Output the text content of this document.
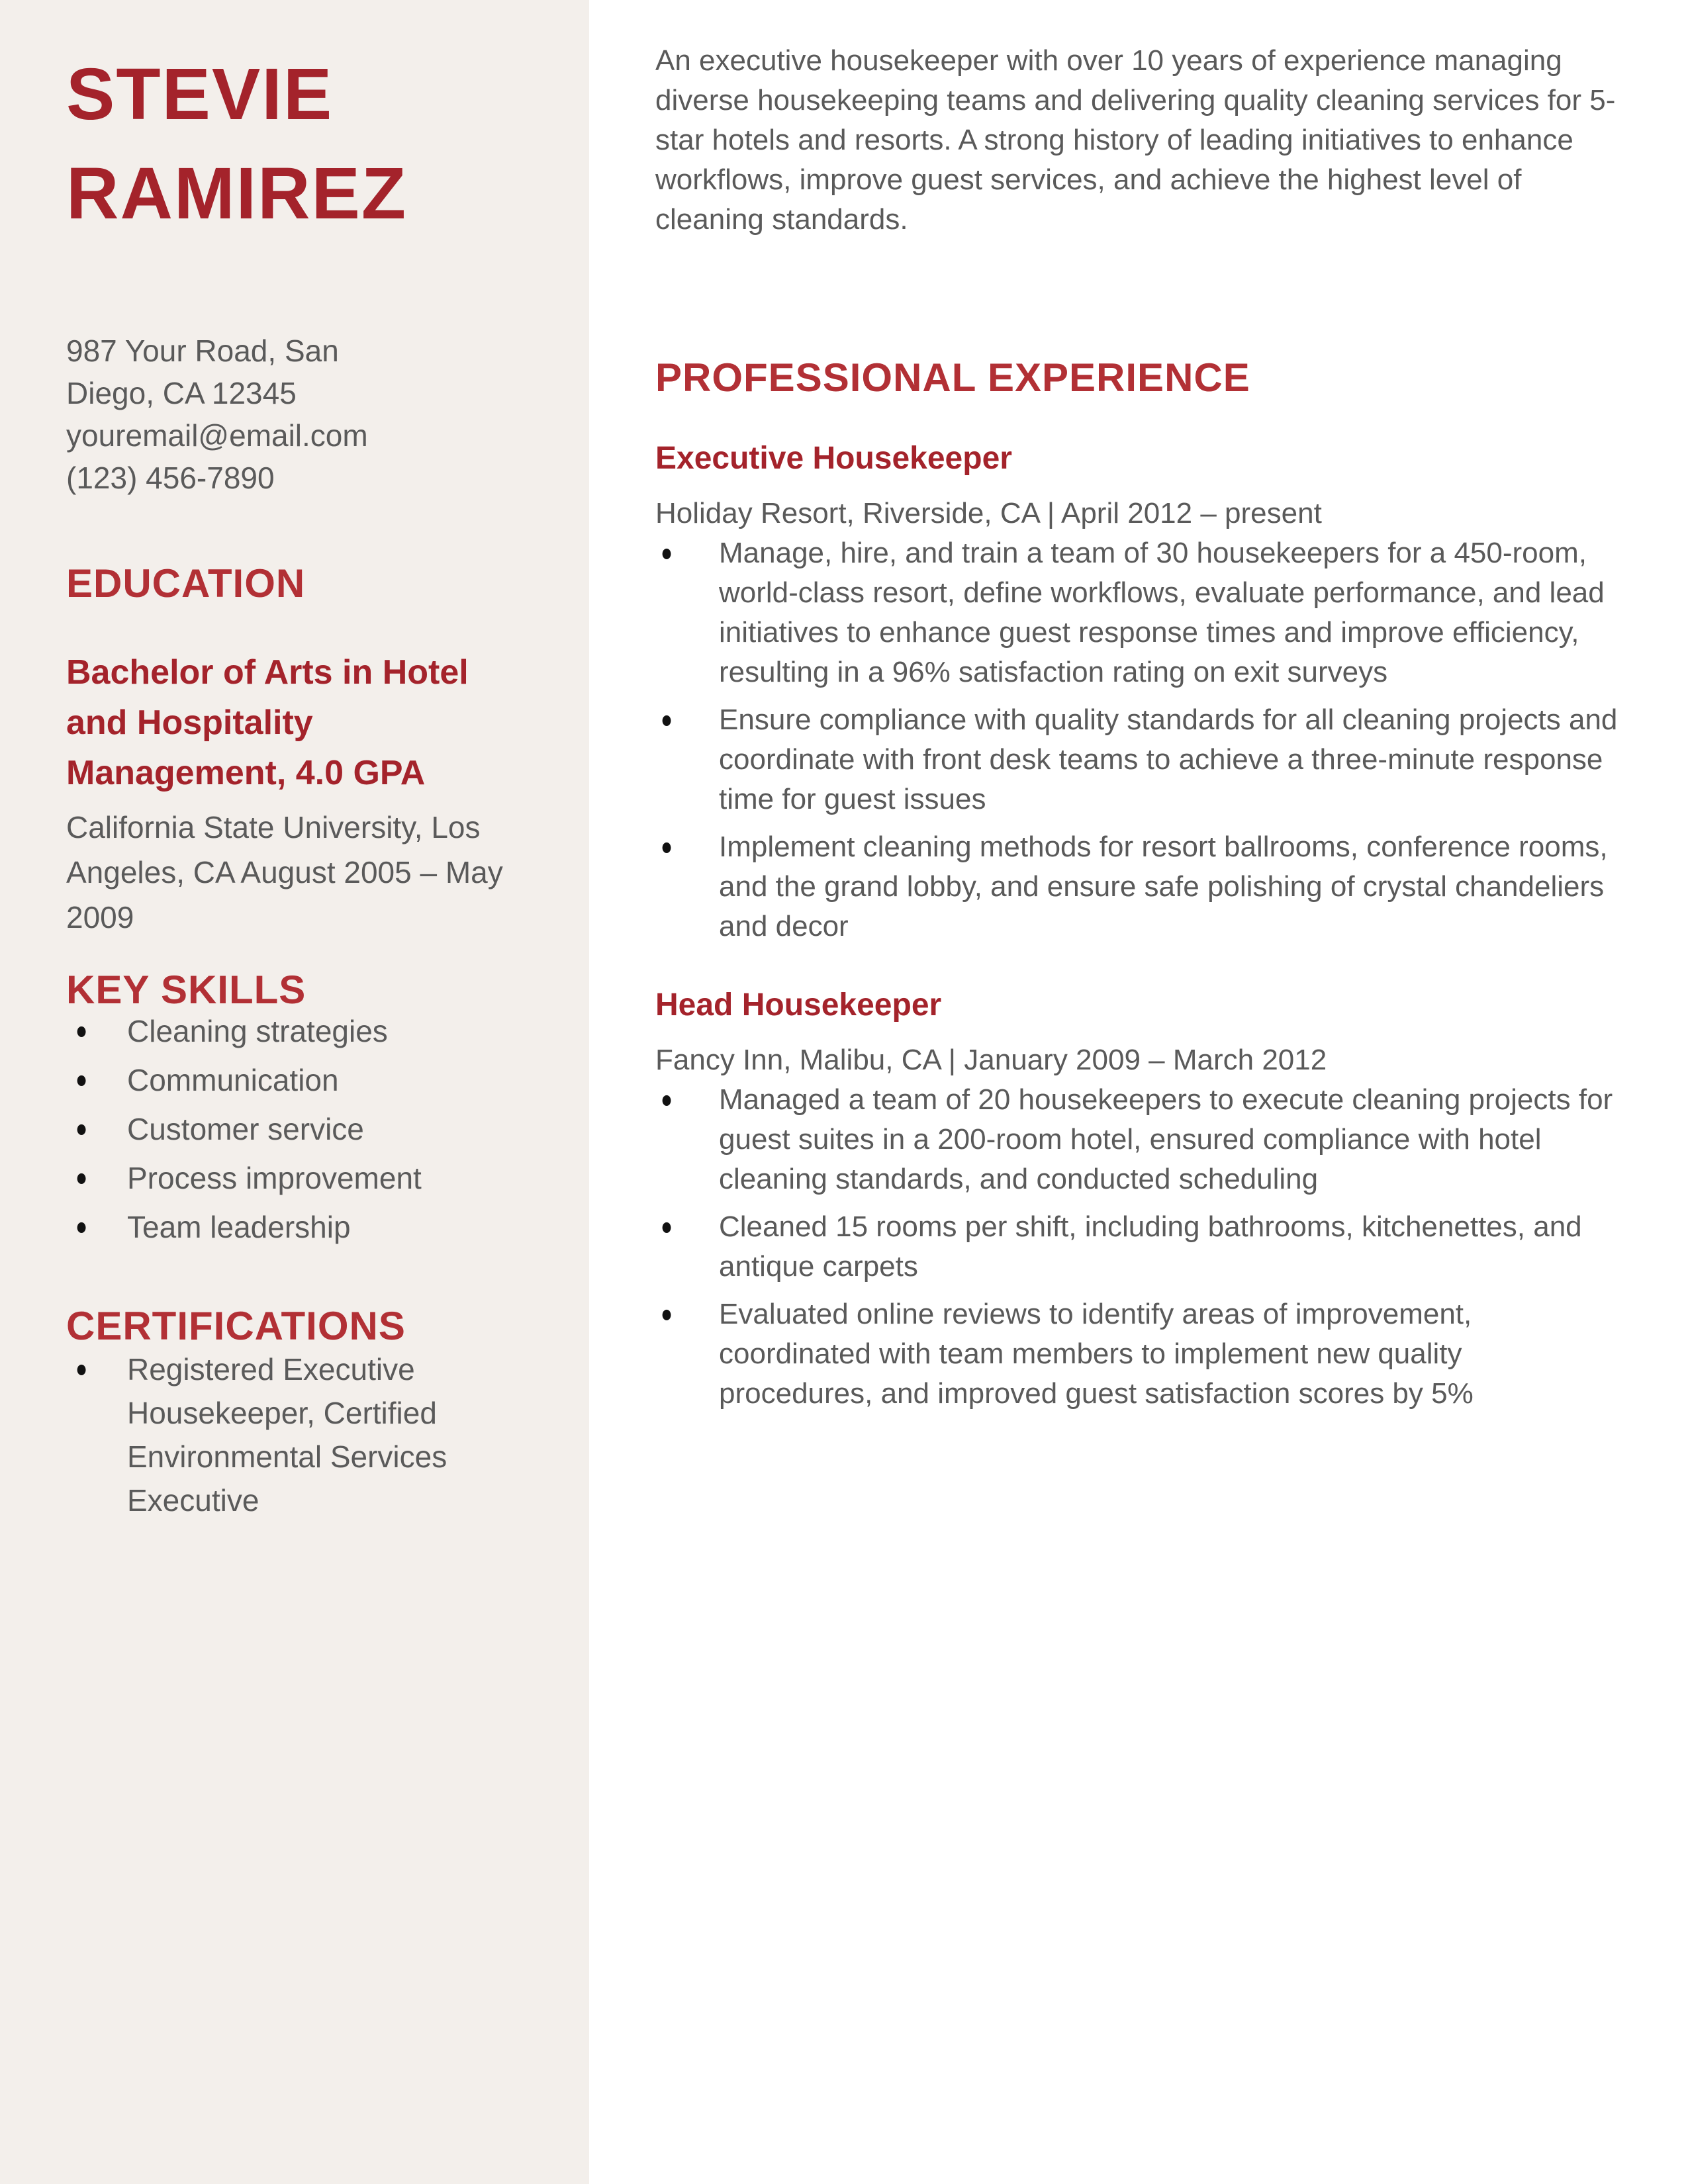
STEVIE RAMIREZ
987 Your Road, San
Diego, CA 12345
youremail@email.com
(123) 456-7890
EDUCATION
Bachelor of Arts in Hotel
and Hospitality
Management, 4.0 GPA
California State University, Los
Angeles, CA August 2005 – May
2009
KEY SKILLS
●	Cleaning strategies
●	Communication
●	Customer service
●	Process improvement
●	Team leadership
CERTIFICATIONS
●	Registered Executive
Housekeeper, Certified
Environmental Services
Executive

An executive housekeeper with over 10 years of experience managing diverse housekeeping teams and delivering quality cleaning services for 5-star hotels and resorts. A strong history of leading initiatives to enhance workflows, improve guest services, and achieve the highest level of cleaning standards.

PROFESSIONAL EXPERIENCE
Executive Housekeeper
Holiday Resort, Riverside, CA | April 2012 – present
●	Manage, hire, and train a team of 30 housekeepers for a 450-room, world-class resort, define workflows, evaluate performance, and lead initiatives to enhance guest response times and improve efficiency, resulting in a 96% satisfaction rating on exit surveys
●	Ensure compliance with quality standards for all cleaning projects and coordinate with front desk teams to achieve a three-minute response time for guest issues
●	Implement cleaning methods for resort ballrooms, conference rooms, and the grand lobby, and ensure safe polishing of crystal chandeliers and decor
Head Housekeeper
Fancy Inn, Malibu, CA | January 2009 – March 2012
●	Managed a team of 20 housekeepers to execute cleaning projects for guest suites in a 200-room hotel, ensured compliance with hotel cleaning standards, and conducted scheduling
●	Cleaned 15 rooms per shift, including bathrooms, kitchenettes, and antique carpets
●	Evaluated online reviews to identify areas of improvement, coordinated with team members to implement new quality procedures, and improved guest satisfaction scores by 5%
